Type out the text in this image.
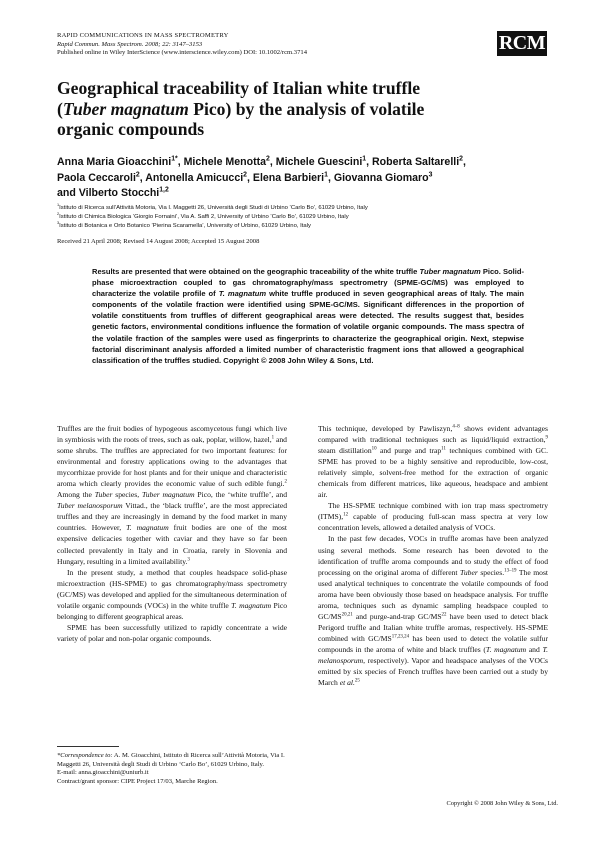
RAPID COMMUNICATIONS IN MASS SPECTROMETRY
Rapid Commun. Mass Spectrom. 2008; 22: 3147–3153
Published online in Wiley InterScience (www.interscience.wiley.com) DOI: 10.1002/rcm.3714	RCM
Geographical traceability of Italian white truffle
(Tuber magnatum Pico) by the analysis of volatile
organic compounds
Anna Maria Gioacchini$^{1*}$, Michele Menotta$^2$, Michele Guescini$^1$, Roberta Saltarelli$^2$,
Paola Ceccaroli$^2$, Antonella Amicucci$^2$, Elena Barbieri$^1$, Giovanna Giomaro$^3$
and Vilberto Stocchi$^{1,2}$
$^1$Istituto di Ricerca sull’Attività Motoria, Via I. Maggetti 26, Università degli Studi di Urbino ‘Carlo Bo’, 61029 Urbino, Italy
$^2$Istituto di Chimica Biologica ‘Giorgio Fornaini’, Via A. Saffi 2, University of Urbino ‘Carlo Bo’, 61029 Urbino, Italy
$^3$Istituto di Botanica e Orto Botanico ‘Pierina Scaramella’, University of Urbino, 61029 Urbino, Italy
Received 21 April 2008; Revised 14 August 2008; Accepted 15 August 2008
Results are presented that were obtained on the geographic traceability of the white truffle Tuber magnatum Pico. Solid-phase microextraction coupled to gas chromatography/mass spectrometry (SPME-GC/MS) was employed to characterize the volatile profile of T. magnatum white truffle produced in seven geographical areas of Italy. The main components of the volatile fraction were identified using SPME-GC/MS. Significant differences in the proportion of volatile constituents from truffles of different geographical areas were detected. The results suggest that, besides genetic factors, environmental conditions influence the formation of volatile organic compounds. The mass spectra of the volatile fraction of the samples were used as fingerprints to characterize the geographical origin. Next, stepwise factorial discriminant analysis afforded a limited number of characteristic fragment ions that allowed a geographical classification of the truffles studied. Copyright © 2008 John Wiley & Sons, Ltd.

Truffles are the fruit bodies of hypogeous ascomycetous fungi which live in symbiosis with the roots of trees, such as oak, poplar, willow, hazel,$^1$ and some shrubs. The truffles are appreciated for two important features: for environmental and forestry applications owing to the advantages that mycorrhizae provide for host plants and for their unique and characteristic aroma which clearly provides the economic value of such edible fungi.$^2$ Among the Tuber species, Tuber magnatum Pico, the ‘white truffle’, and Tuber melanosporum Vittad., the ‘black truffle’, are the most appreciated truffles and they are increasingly in demand by the food market in many countries. However, T. magnatum fruit bodies are one of the most expensive delicacies together with caviar and they have so far been collected prevalently in Italy and in Croatia, rarely in Slovenia and Hungary, resulting in a limited availability.$^3$

In the present study, a method that couples headspace solid-phase microextraction (HS-SPME) to gas chromatography/mass spectrometry (GC/MS) was developed and applied for the simultaneous determination of volatile organic compounds (VOCs) in the white truffle T. magnatum Pico belonging to different geographical areas.

SPME has been successfully utilized to rapidly concentrate a wide variety of polar and non-polar organic compounds.

This technique, developed by Pawliszyn,$^{4-8}$ shows evident advantages compared with traditional techniques such as liquid/liquid extraction,$^9$ steam distillation$^{10}$ and purge and trap$^{11}$ techniques combined with GC. SPME has proved to be a highly sensitive and reproducible, low-cost, relatively simple, solvent-free method for the extraction of organic chemicals from different matrices, like aqueous, headspace and ambient air.

The HS-SPME technique combined with ion trap mass spectrometry (ITMS),$^{12}$ capable of producing full-scan mass spectra at very low concentration levels, allowed a detailed analysis of VOCs.

In the past few decades, VOCs in truffle aromas have been analyzed using several methods. Some research has been devoted to the identification of truffle aroma compounds and to study the effect of food processing on the original aroma of different Tuber species.$^{13-19}$ The most used analytical techniques to concentrate the volatile compounds of food aroma have been obviously those based on headspace analysis. For truffle aroma, techniques such as dynamic sampling headspace coupled to GC/MS$^{20,21}$ and purge-and-trap GC/MS$^{22}$ have been used to detect black Perigord truffle and Italian white truffle aromas, respectively. HS-SPME combined with GC/MS$^{17,23,24}$ has been used to detect the volatile sulfur compounds in the aroma of white and black truffles (T. magnatum and T. melanosporum, respectively). Vapor and headspace analyses of the VOCs emitted by six species of French truffles have been carried out a study by March et al.$^{25}$

*Correspondence to: A. M. Gioacchini, Istituto di Ricerca sull’Attività Motoria, Via I. Maggetti 26, Università degli Studi di Urbino ‘Carlo Bo’, 61029 Urbino, Italy.
E-mail: anna.gioacchini@uniurb.it
Contract/grant sponsor: CIPE Project 17/03, Marche Region.
Copyright © 2008 John Wiley & Sons, Ltd.
